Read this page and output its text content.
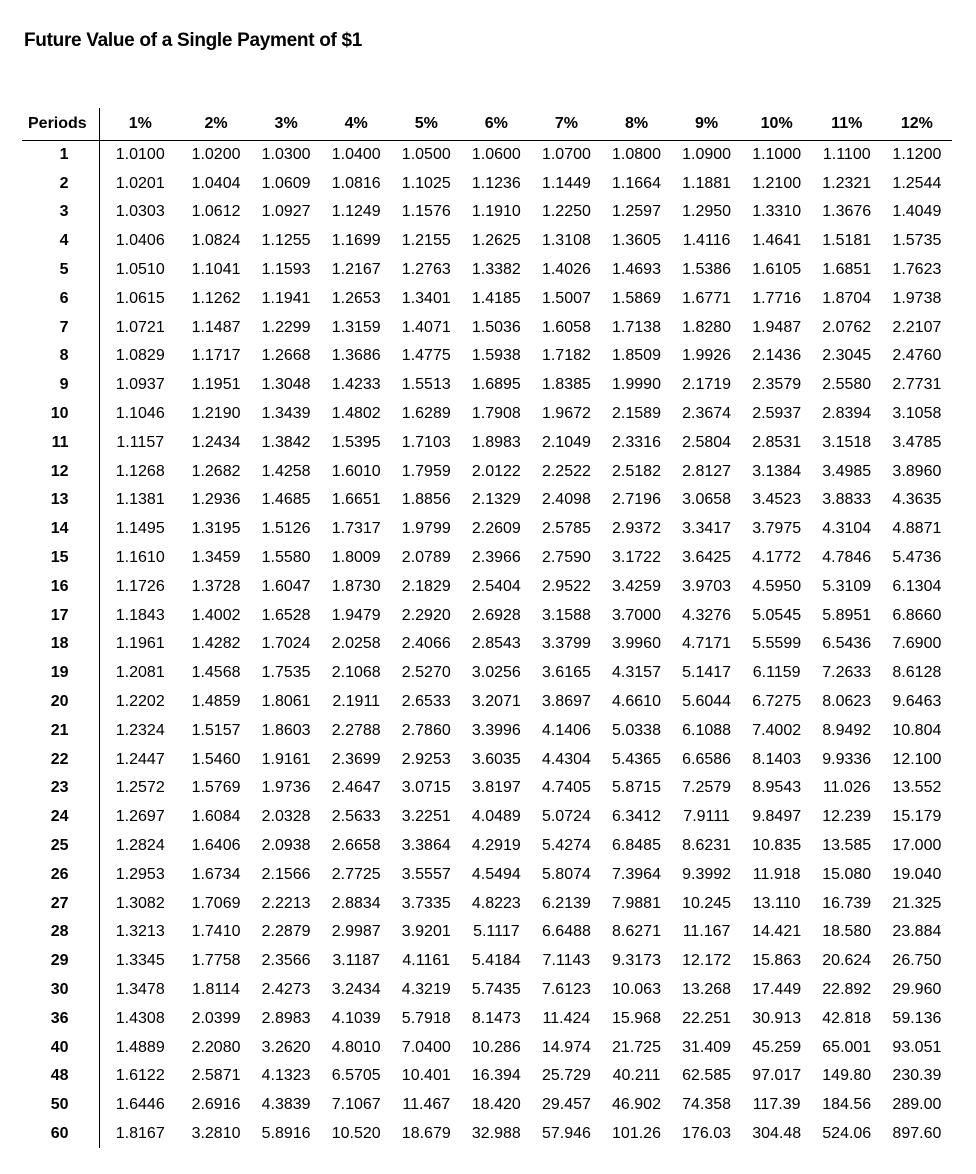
Future Value of a Single Payment of $1
Periods	1%	2%	3%	4%	5%	6%	7%	8%	9%	10%	11%	12%
1	1.0100	1.0200	1.0300	1.0400	1.0500	1.0600	1.0700	1.0800	1.0900	1.1000	1.1100	1.1200
2	1.0201	1.0404	1.0609	1.0816	1.1025	1.1236	1.1449	1.1664	1.1881	1.2100	1.2321	1.2544
3	1.0303	1.0612	1.0927	1.1249	1.1576	1.1910	1.2250	1.2597	1.2950	1.3310	1.3676	1.4049
4	1.0406	1.0824	1.1255	1.1699	1.2155	1.2625	1.3108	1.3605	1.4116	1.4641	1.5181	1.5735
5	1.0510	1.1041	1.1593	1.2167	1.2763	1.3382	1.4026	1.4693	1.5386	1.6105	1.6851	1.7623
6	1.0615	1.1262	1.1941	1.2653	1.3401	1.4185	1.5007	1.5869	1.6771	1.7716	1.8704	1.9738
7	1.0721	1.1487	1.2299	1.3159	1.4071	1.5036	1.6058	1.7138	1.8280	1.9487	2.0762	2.2107
8	1.0829	1.1717	1.2668	1.3686	1.4775	1.5938	1.7182	1.8509	1.9926	2.1436	2.3045	2.4760
9	1.0937	1.1951	1.3048	1.4233	1.5513	1.6895	1.8385	1.9990	2.1719	2.3579	2.5580	2.7731
10	1.1046	1.2190	1.3439	1.4802	1.6289	1.7908	1.9672	2.1589	2.3674	2.5937	2.8394	3.1058
11	1.1157	1.2434	1.3842	1.5395	1.7103	1.8983	2.1049	2.3316	2.5804	2.8531	3.1518	3.4785
12	1.1268	1.2682	1.4258	1.6010	1.7959	2.0122	2.2522	2.5182	2.8127	3.1384	3.4985	3.8960
13	1.1381	1.2936	1.4685	1.6651	1.8856	2.1329	2.4098	2.7196	3.0658	3.4523	3.8833	4.3635
14	1.1495	1.3195	1.5126	1.7317	1.9799	2.2609	2.5785	2.9372	3.3417	3.7975	4.3104	4.8871
15	1.1610	1.3459	1.5580	1.8009	2.0789	2.3966	2.7590	3.1722	3.6425	4.1772	4.7846	5.4736
16	1.1726	1.3728	1.6047	1.8730	2.1829	2.5404	2.9522	3.4259	3.9703	4.5950	5.3109	6.1304
17	1.1843	1.4002	1.6528	1.9479	2.2920	2.6928	3.1588	3.7000	4.3276	5.0545	5.8951	6.8660
18	1.1961	1.4282	1.7024	2.0258	2.4066	2.8543	3.3799	3.9960	4.7171	5.5599	6.5436	7.6900
19	1.2081	1.4568	1.7535	2.1068	2.5270	3.0256	3.6165	4.3157	5.1417	6.1159	7.2633	8.6128
20	1.2202	1.4859	1.8061	2.1911	2.6533	3.2071	3.8697	4.6610	5.6044	6.7275	8.0623	9.6463
21	1.2324	1.5157	1.8603	2.2788	2.7860	3.3996	4.1406	5.0338	6.1088	7.4002	8.9492	10.804
22	1.2447	1.5460	1.9161	2.3699	2.9253	3.6035	4.4304	5.4365	6.6586	8.1403	9.9336	12.100
23	1.2572	1.5769	1.9736	2.4647	3.0715	3.8197	4.7405	5.8715	7.2579	8.9543	11.026	13.552
24	1.2697	1.6084	2.0328	2.5633	3.2251	4.0489	5.0724	6.3412	7.9111	9.8497	12.239	15.179
25	1.2824	1.6406	2.0938	2.6658	3.3864	4.2919	5.4274	6.8485	8.6231	10.835	13.585	17.000
26	1.2953	1.6734	2.1566	2.7725	3.5557	4.5494	5.8074	7.3964	9.3992	11.918	15.080	19.040
27	1.3082	1.7069	2.2213	2.8834	3.7335	4.8223	6.2139	7.9881	10.245	13.110	16.739	21.325
28	1.3213	1.7410	2.2879	2.9987	3.9201	5.1117	6.6488	8.6271	11.167	14.421	18.580	23.884
29	1.3345	1.7758	2.3566	3.1187	4.1161	5.4184	7.1143	9.3173	12.172	15.863	20.624	26.750
30	1.3478	1.8114	2.4273	3.2434	4.3219	5.7435	7.6123	10.063	13.268	17.449	22.892	29.960
36	1.4308	2.0399	2.8983	4.1039	5.7918	8.1473	11.424	15.968	22.251	30.913	42.818	59.136
40	1.4889	2.2080	3.2620	4.8010	7.0400	10.286	14.974	21.725	31.409	45.259	65.001	93.051
48	1.6122	2.5871	4.1323	6.5705	10.401	16.394	25.729	40.211	62.585	97.017	149.80	230.39
50	1.6446	2.6916	4.3839	7.1067	11.467	18.420	29.457	46.902	74.358	117.39	184.56	289.00
60	1.8167	3.2810	5.8916	10.520	18.679	32.988	57.946	101.26	176.03	304.48	524.06	897.60
